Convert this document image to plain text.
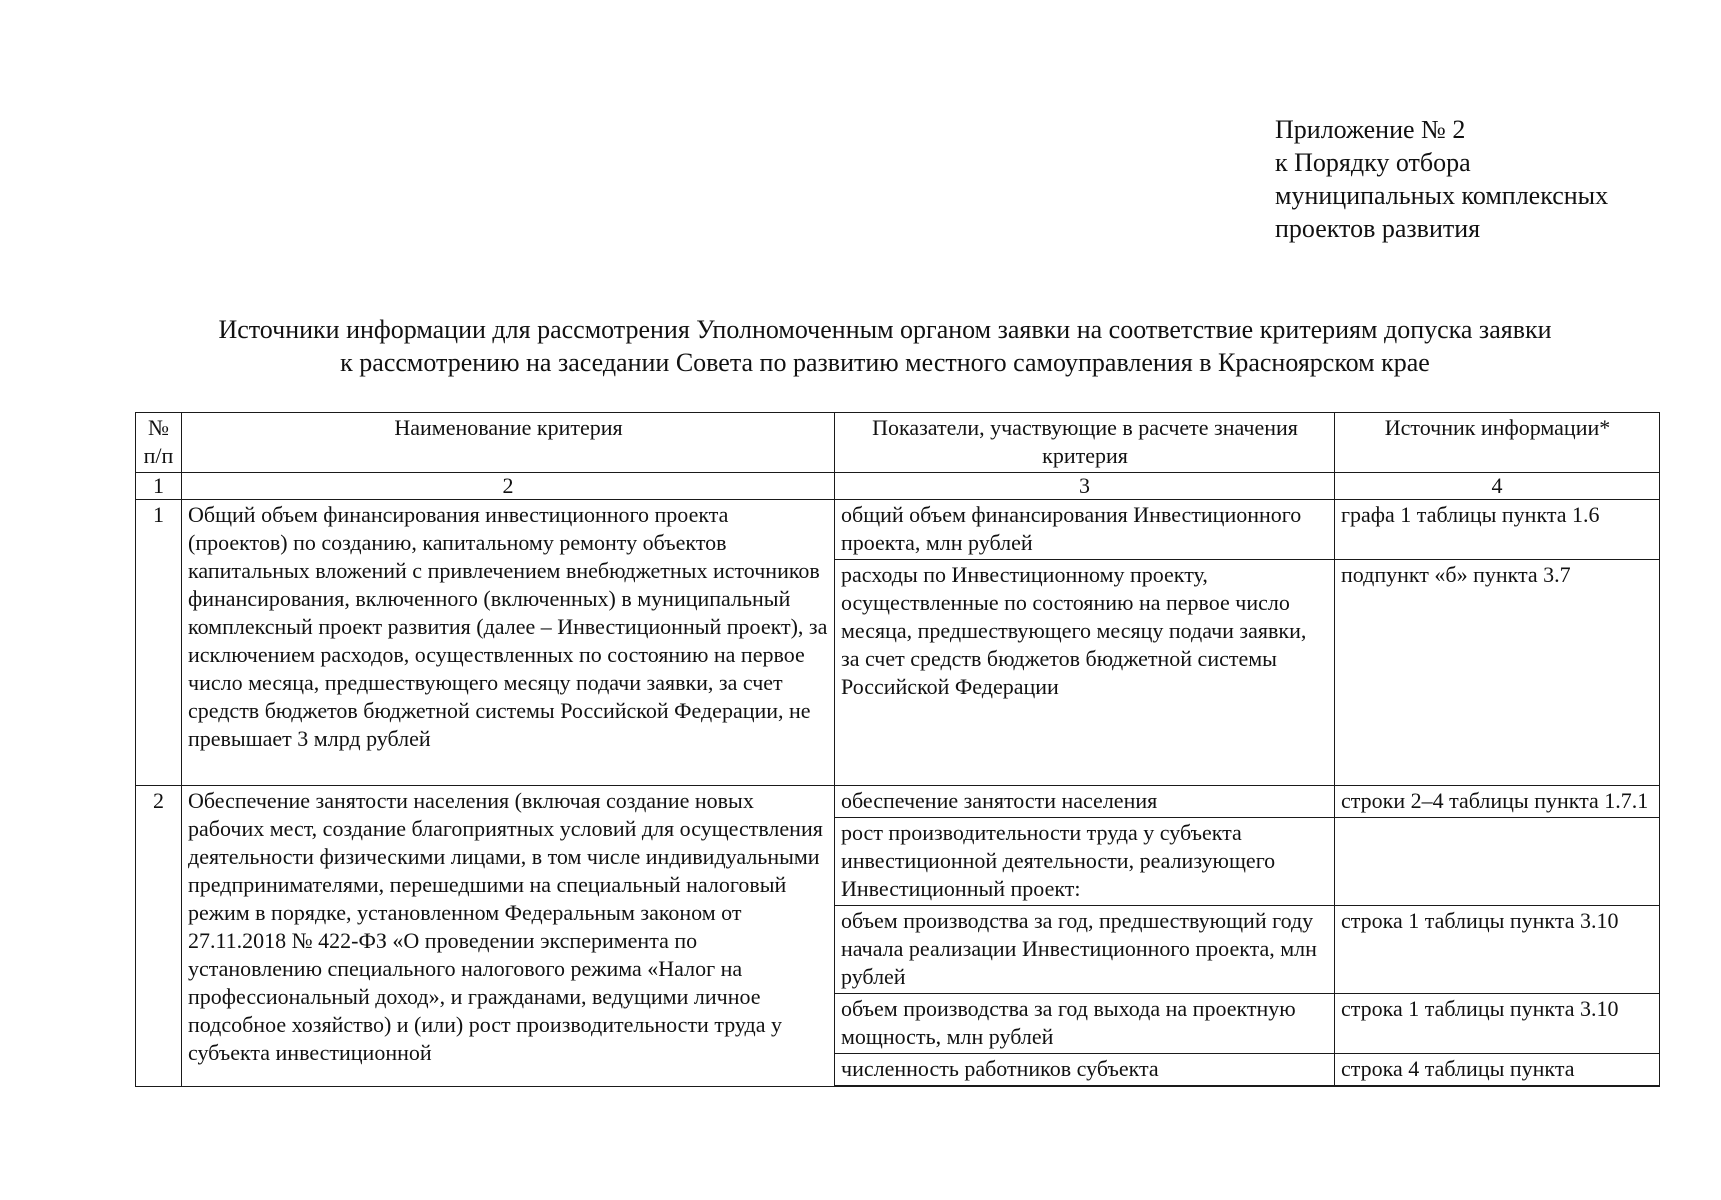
Приложение № 2
к Порядку отбора
муниципальных комплексных
проектов развития
Источники информации для рассмотрения Уполномоченным органом заявки на соответствие критериям допуска заявки
к рассмотрению на заседании Совета по развитию местного самоуправления в Красноярском крае
№ п/п	Наименование критерия	Показатели, участвующие в расчете значения критерия	Источник информации*
1	2	3	4
1	Общий объем финансирования инвестиционного проекта (проектов) по созданию, капитальному ремонту объектов капитальных вложений с привлечением внебюджетных источников финансирования, включенного (включенных) в муниципальный комплексный проект развития (далее – Инвестиционный проект), за исключением расходов, осуществленных по состоянию на первое число месяца, предшествующего месяцу подачи заявки, за счет средств бюджетов бюджетной системы Российской Федерации, не превышает 3 млрд рублей	общий объем финансирования Инвестиционного проекта, млн рублей	графа 1 таблицы пункта 1.6
		расходы по Инвестиционному проекту, осуществленные по состоянию на первое число месяца, предшествующего месяцу подачи заявки, за счет средств бюджетов бюджетной системы Российской Федерации	подпункт «б» пункта 3.7
2	Обеспечение занятости населения (включая создание новых рабочих мест, создание благоприятных условий для осуществления деятельности физическими лицами, в том числе индивидуальными предпринимателями, перешедшими на специальный налоговый режим в порядке, установленном Федеральным законом от 27.11.2018 № 422-ФЗ «О проведении эксперимента по установлению специального налогового режима «Налог на профессиональный доход», и гражданами, ведущими личное подсобное хозяйство) и (или) рост производительности труда у субъекта инвестиционной	обеспечение занятости населения	строки 2–4 таблицы пункта 1.7.1
		рост производительности труда у субъекта инвестиционной деятельности, реализующего Инвестиционный проект:	
		объем производства за год, предшествующий году начала реализации Инвестиционного проекта, млн рублей	строка 1 таблицы пункта 3.10
		объем производства за год выхода на проектную мощность, млн рублей	строка 1 таблицы пункта 3.10
		численность работников субъекта	строка 4 таблицы пункта
